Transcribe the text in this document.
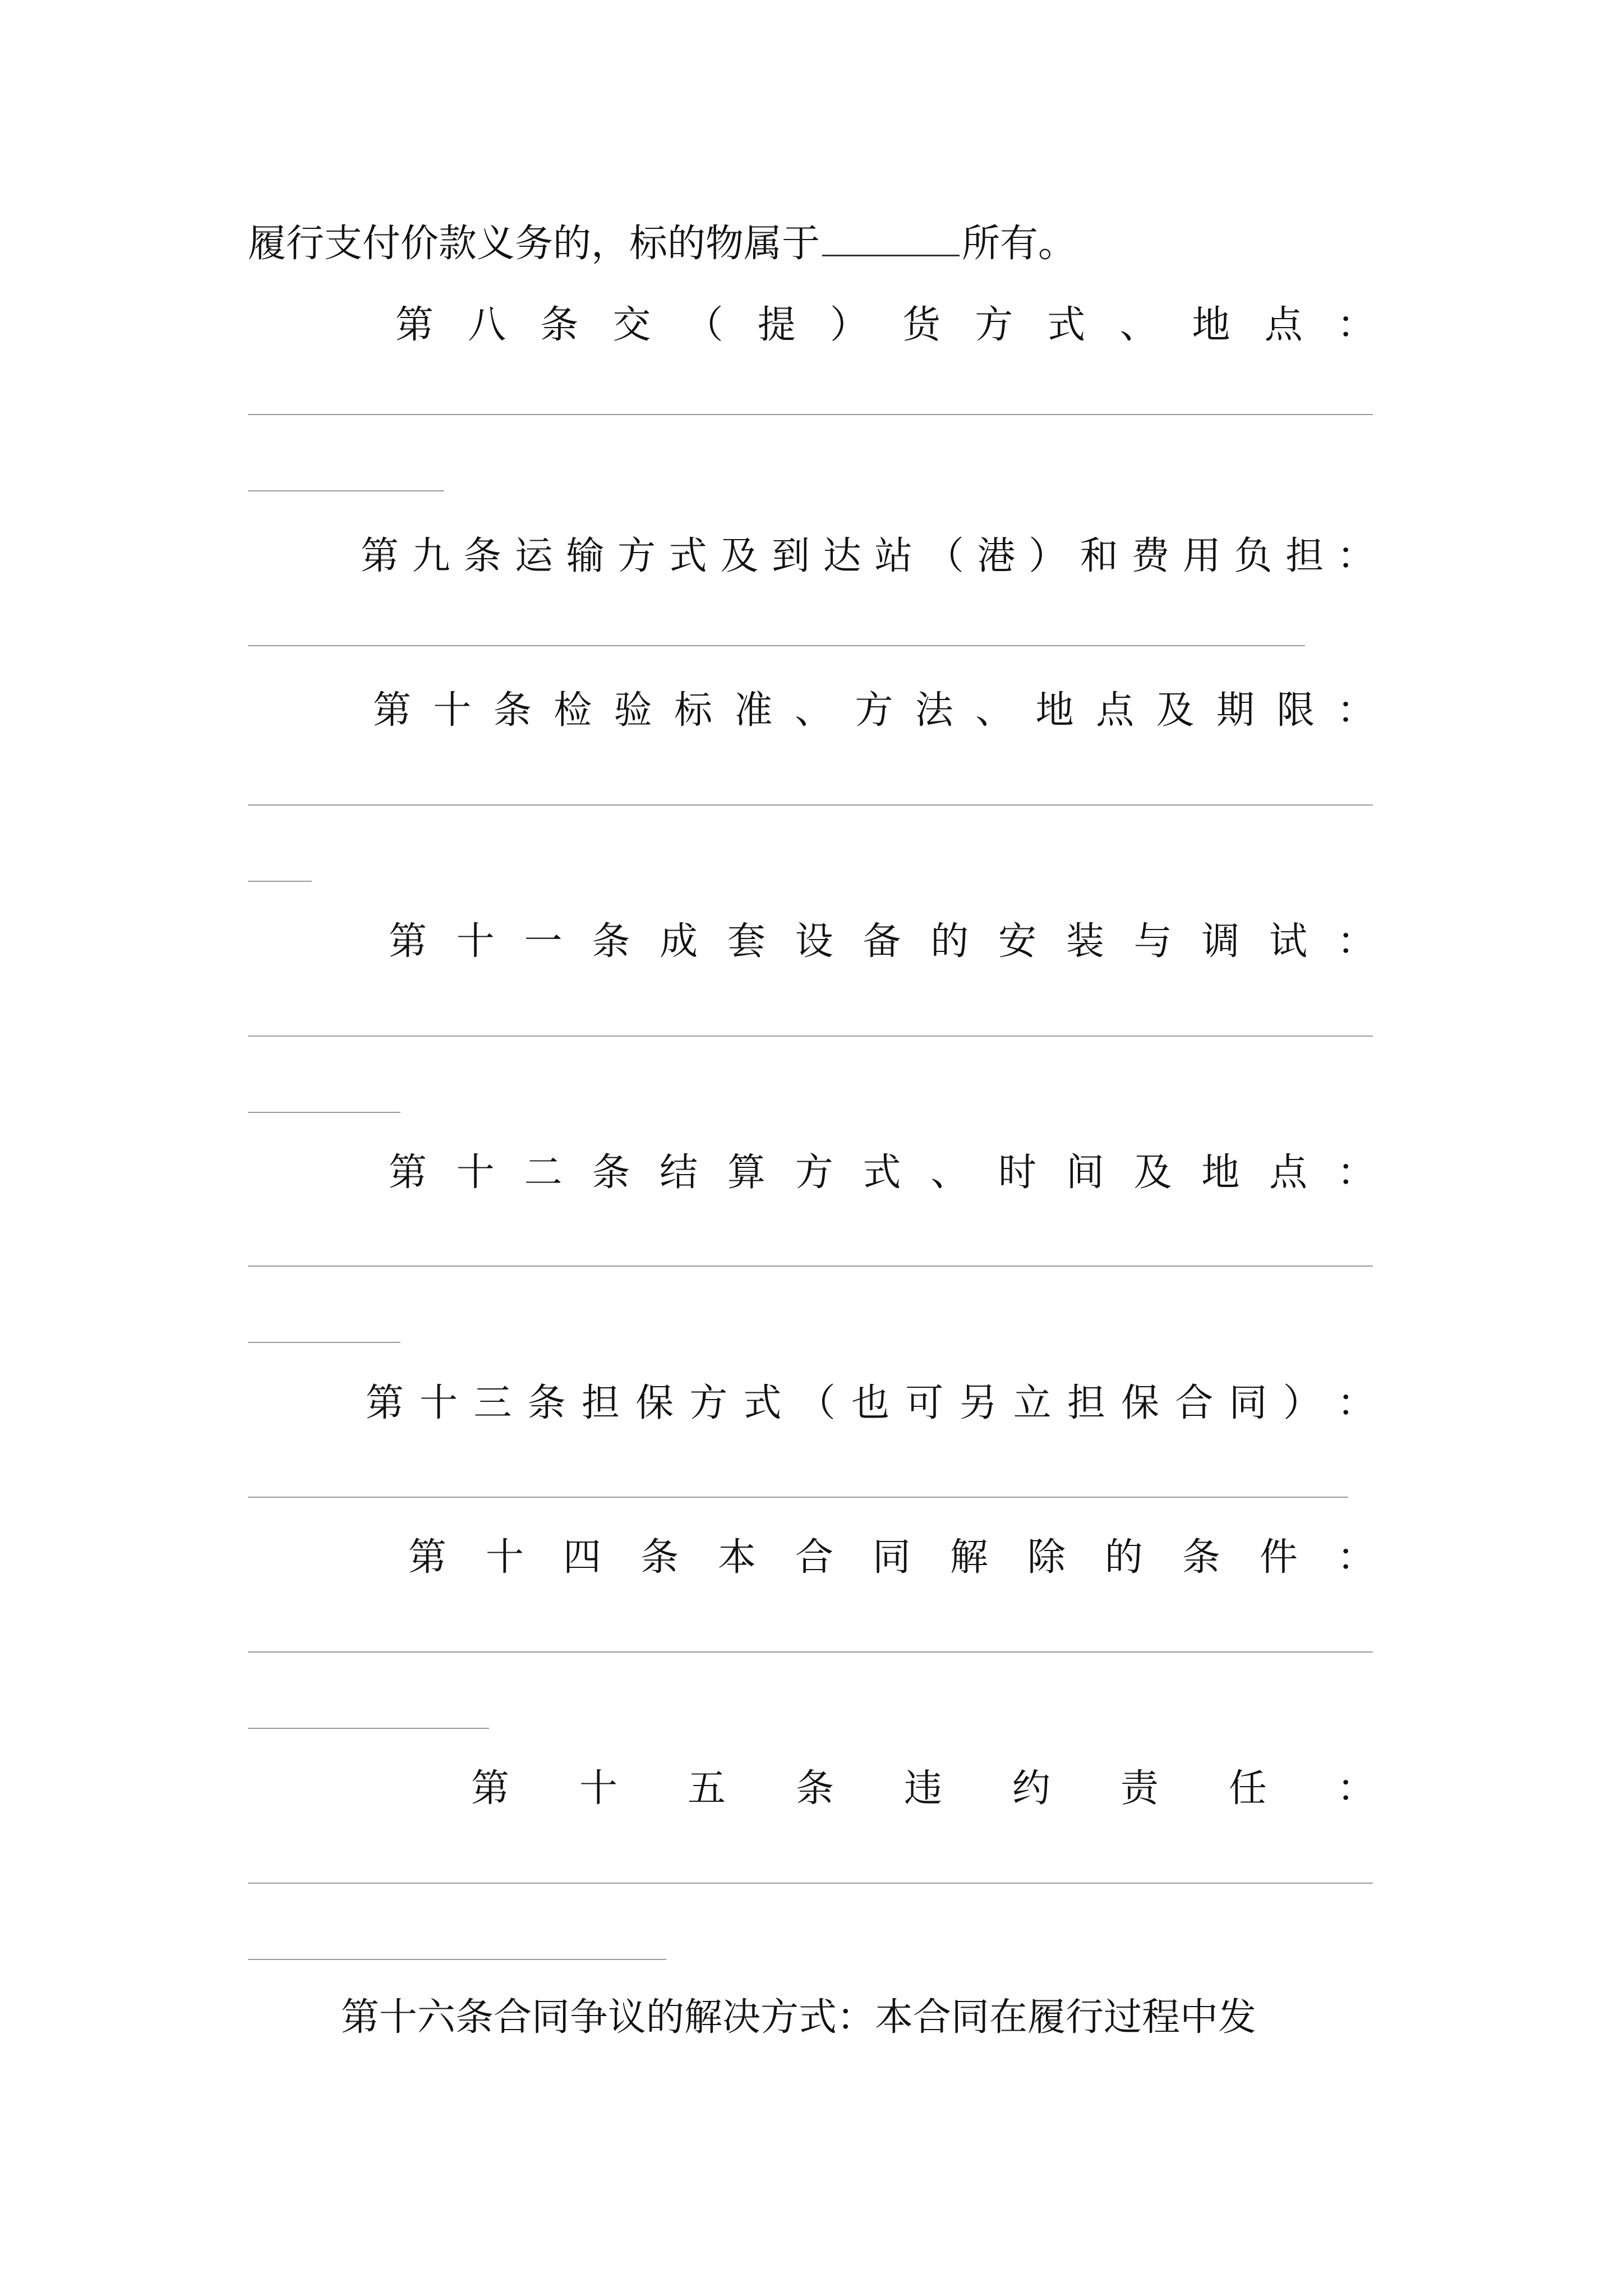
履行支付价款义务的，标的物属于	所有。
第 八 条 交 （ 提 ） 货 方 式 、 地 点 ：
第 九 条 运 输 方 式 及 到 达 站 （ 港 ） 和 费 用 负 担 ：
第 十 条 检 验 标 准 、 方 法 、 地 点 及 期 限 ：
第 十 一 条 成 套 设 备 的 安 装 与 调 试 ：
第 十 二 条 结 算 方 式 、 时 间 及 地 点 ：
第 十 三 条 担 保 方 式 （ 也 可 另 立 担 保 合 同 ） ：
第 十 四 条 本 合 同 解 除 的 条 件 ：
第 十 五 条 违 约 责 任 ：
第十六条合同争议的解决方式：本合同在履行过程中发
